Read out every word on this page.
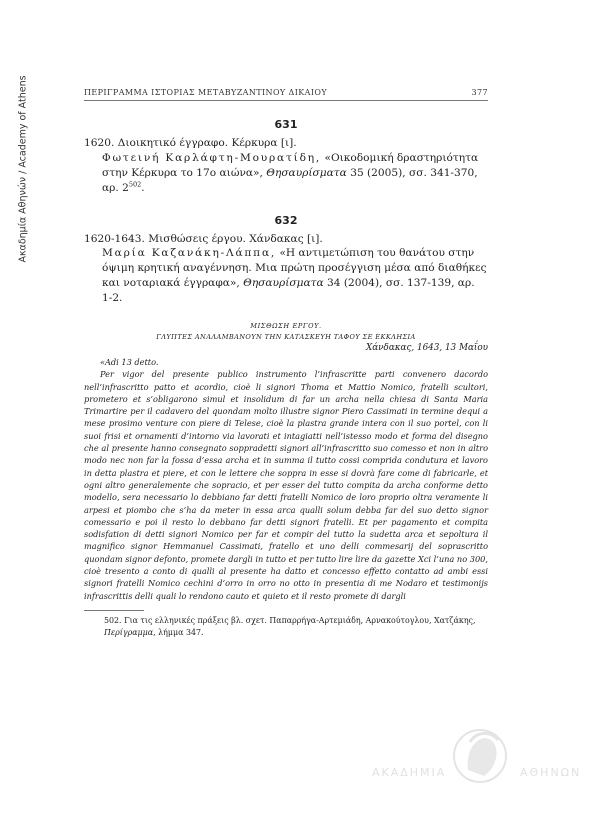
Ακαδημία Αθηνών / Academy of Athens	ΠΕΡΙΓΡΑΜΜΑ ΙΣΤΟΡΙΑΣ ΜΕΤΑΒΥΖΑΝΤΙΝΟΥ ΔΙΚΑΙΟΥ	377
631
1620. Διοικητικό έγγραφο. Κέρκυρα [ι].
Φωτεινή Καρλάφτη-Μουρατίδη, «Οικοδομική δραστηριότητα στην Κέρκυρα το 17ο αιώνα», Θησαυρίσματα 35 (2005), σσ. 341-370, αρ. $2^{502}$.
632
1620-1643. Μισθώσεις έργου. Χάνδακας [ι].
Μαρία Καζανάκη-Λάππα, «Η αντιμετώπιση του θανάτου στην όψιμη κρητική αναγέννηση. Μια πρώτη προσέγγιση μέσα από διαθήκες και νοταριακά έγγραφα», Θησαυρίσματα 34 (2004), σσ. 137-139, αρ. 1-2.
ΜΙΣΘΩΣΗ ΕΡΓΟΥ.
ΓΛΥΠΤΕΣ ΑΝΑΛΑΜΒΑΝΟΥΝ ΤΗΝ ΚΑΤΑΣΚΕΥΗ ΤΑΦΟΥ ΣΕ ΕΚΚΛΗΣΙΑ
Χάνδακας, 1643, 13 Μαΐου

«Adi 13 detto.

Per vigor del presente publico instrumento l’infrascritte parti convenero dacordo nell’infrascritto patto et acordio, cioè li signori Thoma et Mattio Nomico, fratelli scultori, prometero et s’obligarono simul et insolidum di far un archa nella chiesa di Santa Maria Trimartire per il cadavero del quondam molto illustre signor Piero Cassimati in termine dequi a mese prosimo venture con piere di Telese, cioè la plastra grande intera con il suo portel, con li suoi frisi et ornamenti d’intorno via lavorati et intagiatti nell’istesso modo et forma del disegno che al presente hanno consegnato soppradetti signori all’infrascritto suo comesso et non in altro modo nec non far la fossa d’essa archa et in summa il tutto cossi comprida condutura et lavoro in detta plastra et piere, et con le lettere che soppra in esse si dovrà fare come di fabricarle, et ogni altro generalemente che sopracio, et per esser del tutto compita da archa conforme detto modello, sera necessario lo debbiano far detti fratelli Nomico de loro proprio oltra veramente li arpesi et piombo che s’ha da meter in essa arca qualli solum debba far del suo detto signor comessario e poi il resto lo debbano far detti signori fratelli. Et per pagamento et compita sodisfation di detti signori Nomico per far et compir del tutto la sudetta arca et sepoltura il magnifico signor Hemmanuel Cassimati, fratello et uno delli commesarij del soprascritto quondam signor defonto, promete dargli in tutto et per tutto lire lire da gazette Xci l’una no 300, cioè tresento a conto di qualli al presente ha datto et concesso effetto contatto ad ambi essi signori fratelli Nomico cechini d’orro in orro no otto in presentia di me Nodaro et testimonijs infrascrittis delli quali lo rendono cauto et quieto et il resto promete di dargli

502. Για τις ελληνικές πράξεις βλ. σχετ. Παπαρρήγα-Αρτεμιάδη, Αρνακούτογλου, Χατζάκης, Περίγραμμα, λήμμα 347.
ΑΚΑΔΗΜΙΑ	ΑΘΗΝΩΝ
